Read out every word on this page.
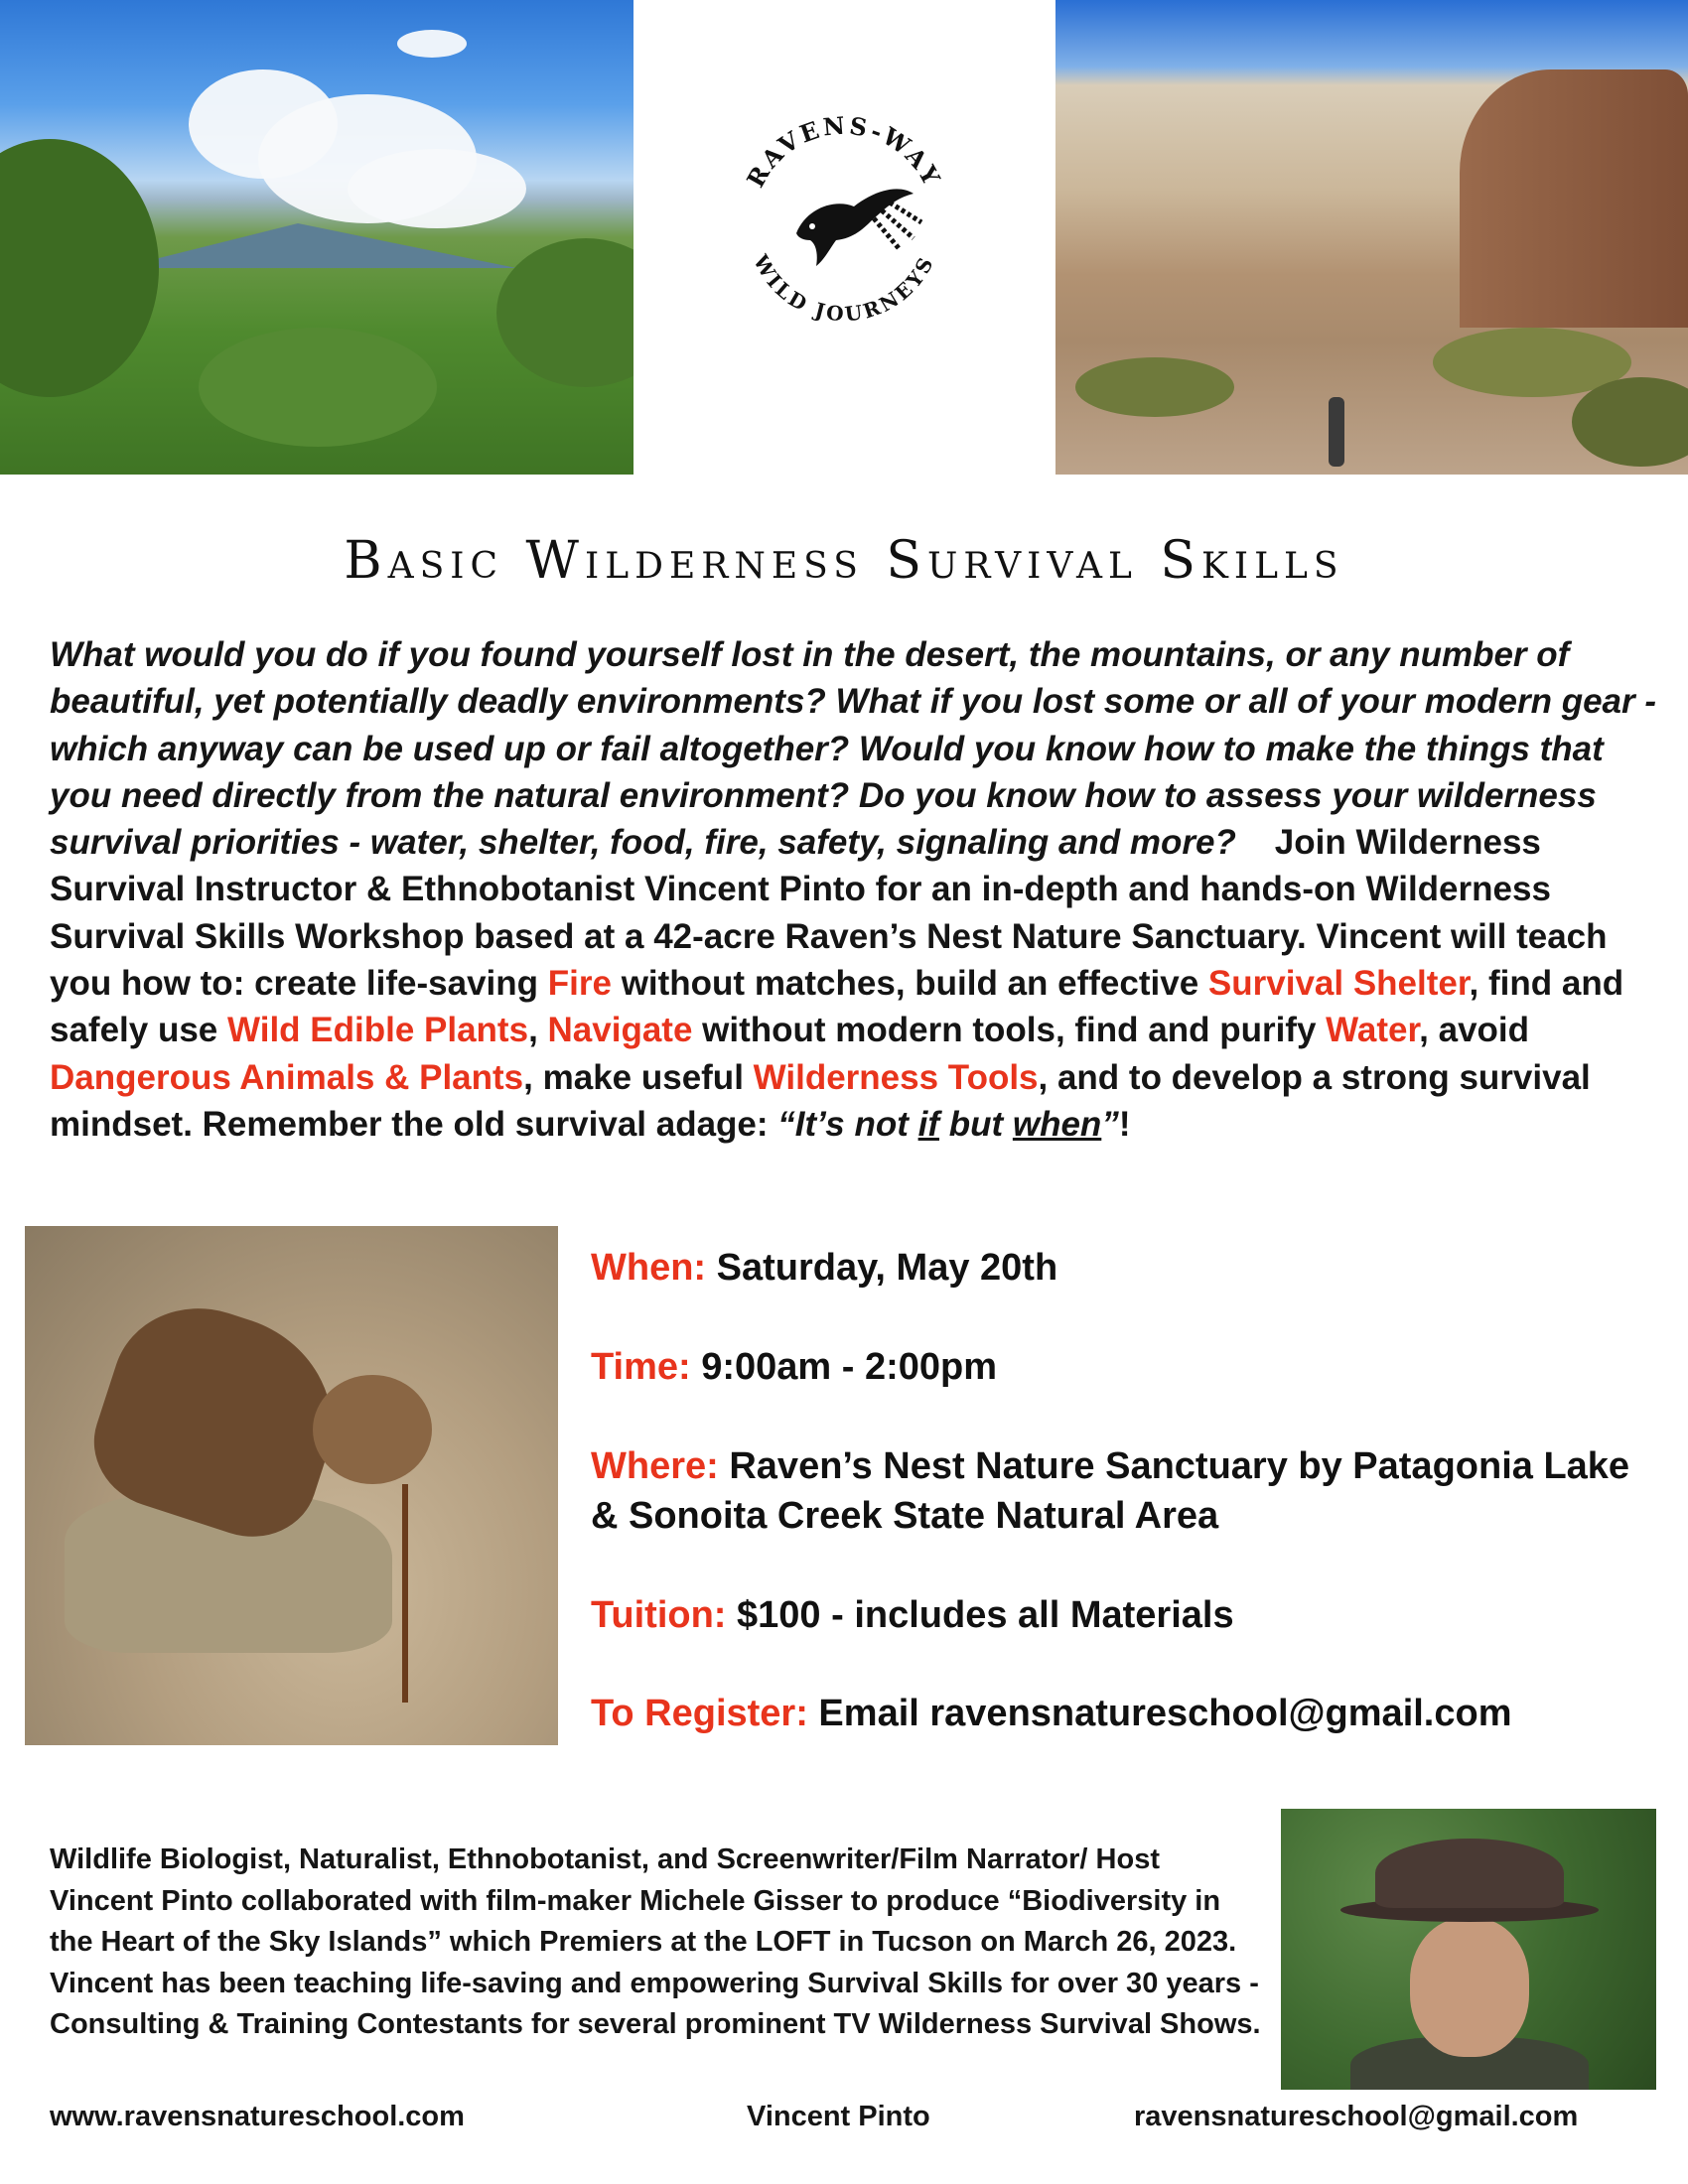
RAVENS-WAY
WILD JOURNEYS
Basic Wilderness Survival Skills
What would you do if you found yourself lost in the desert, the mountains, or any number of beautiful, yet potentially deadly environments? What if you lost some or all of your modern gear - which anyway can be used up or fail altogether? Would you know how to make the things that you need directly from the natural environment? Do you know how to assess your wilderness survival priorities - water, shelter, food, fire, safety, signaling and more? Join Wilderness Survival Instructor & Ethnobotanist Vincent Pinto for an in-depth and hands-on Wilderness Survival Skills Workshop based at a 42-acre Raven’s Nest Nature Sanctuary. Vincent will teach you how to: create life-saving Fire without matches, build an effective Survival Shelter, find and safely use Wild Edible Plants, Navigate without modern tools, find and purify Water, avoid Dangerous Animals & Plants, make useful Wilderness Tools, and to develop a strong survival mindset. Remember the old survival adage: “It’s not if but when”!
When: Saturday, May 20th
Time: 9:00am - 2:00pm
Where: Raven’s Nest Nature Sanctuary by Patagonia Lake & Sonoita Creek State Natural Area
Tuition: $100 - includes all Materials
To Register: Email ravensnatureschool@gmail.com
Wildlife Biologist, Naturalist, Ethnobotanist, and Screenwriter/Film Narrator/ Host Vincent Pinto collaborated with film-maker Michele Gisser to produce “Biodiversity in the Heart of the Sky Islands” which Premiers at the LOFT in Tucson on March 26, 2023. Vincent has been teaching life-saving and empowering Survival Skills for over 30 years - Consulting & Training Contestants for several prominent TV Wilderness Survival Shows.
www.ravensnatureschool.com	Vincent Pinto	ravensnatureschool@gmail.com
